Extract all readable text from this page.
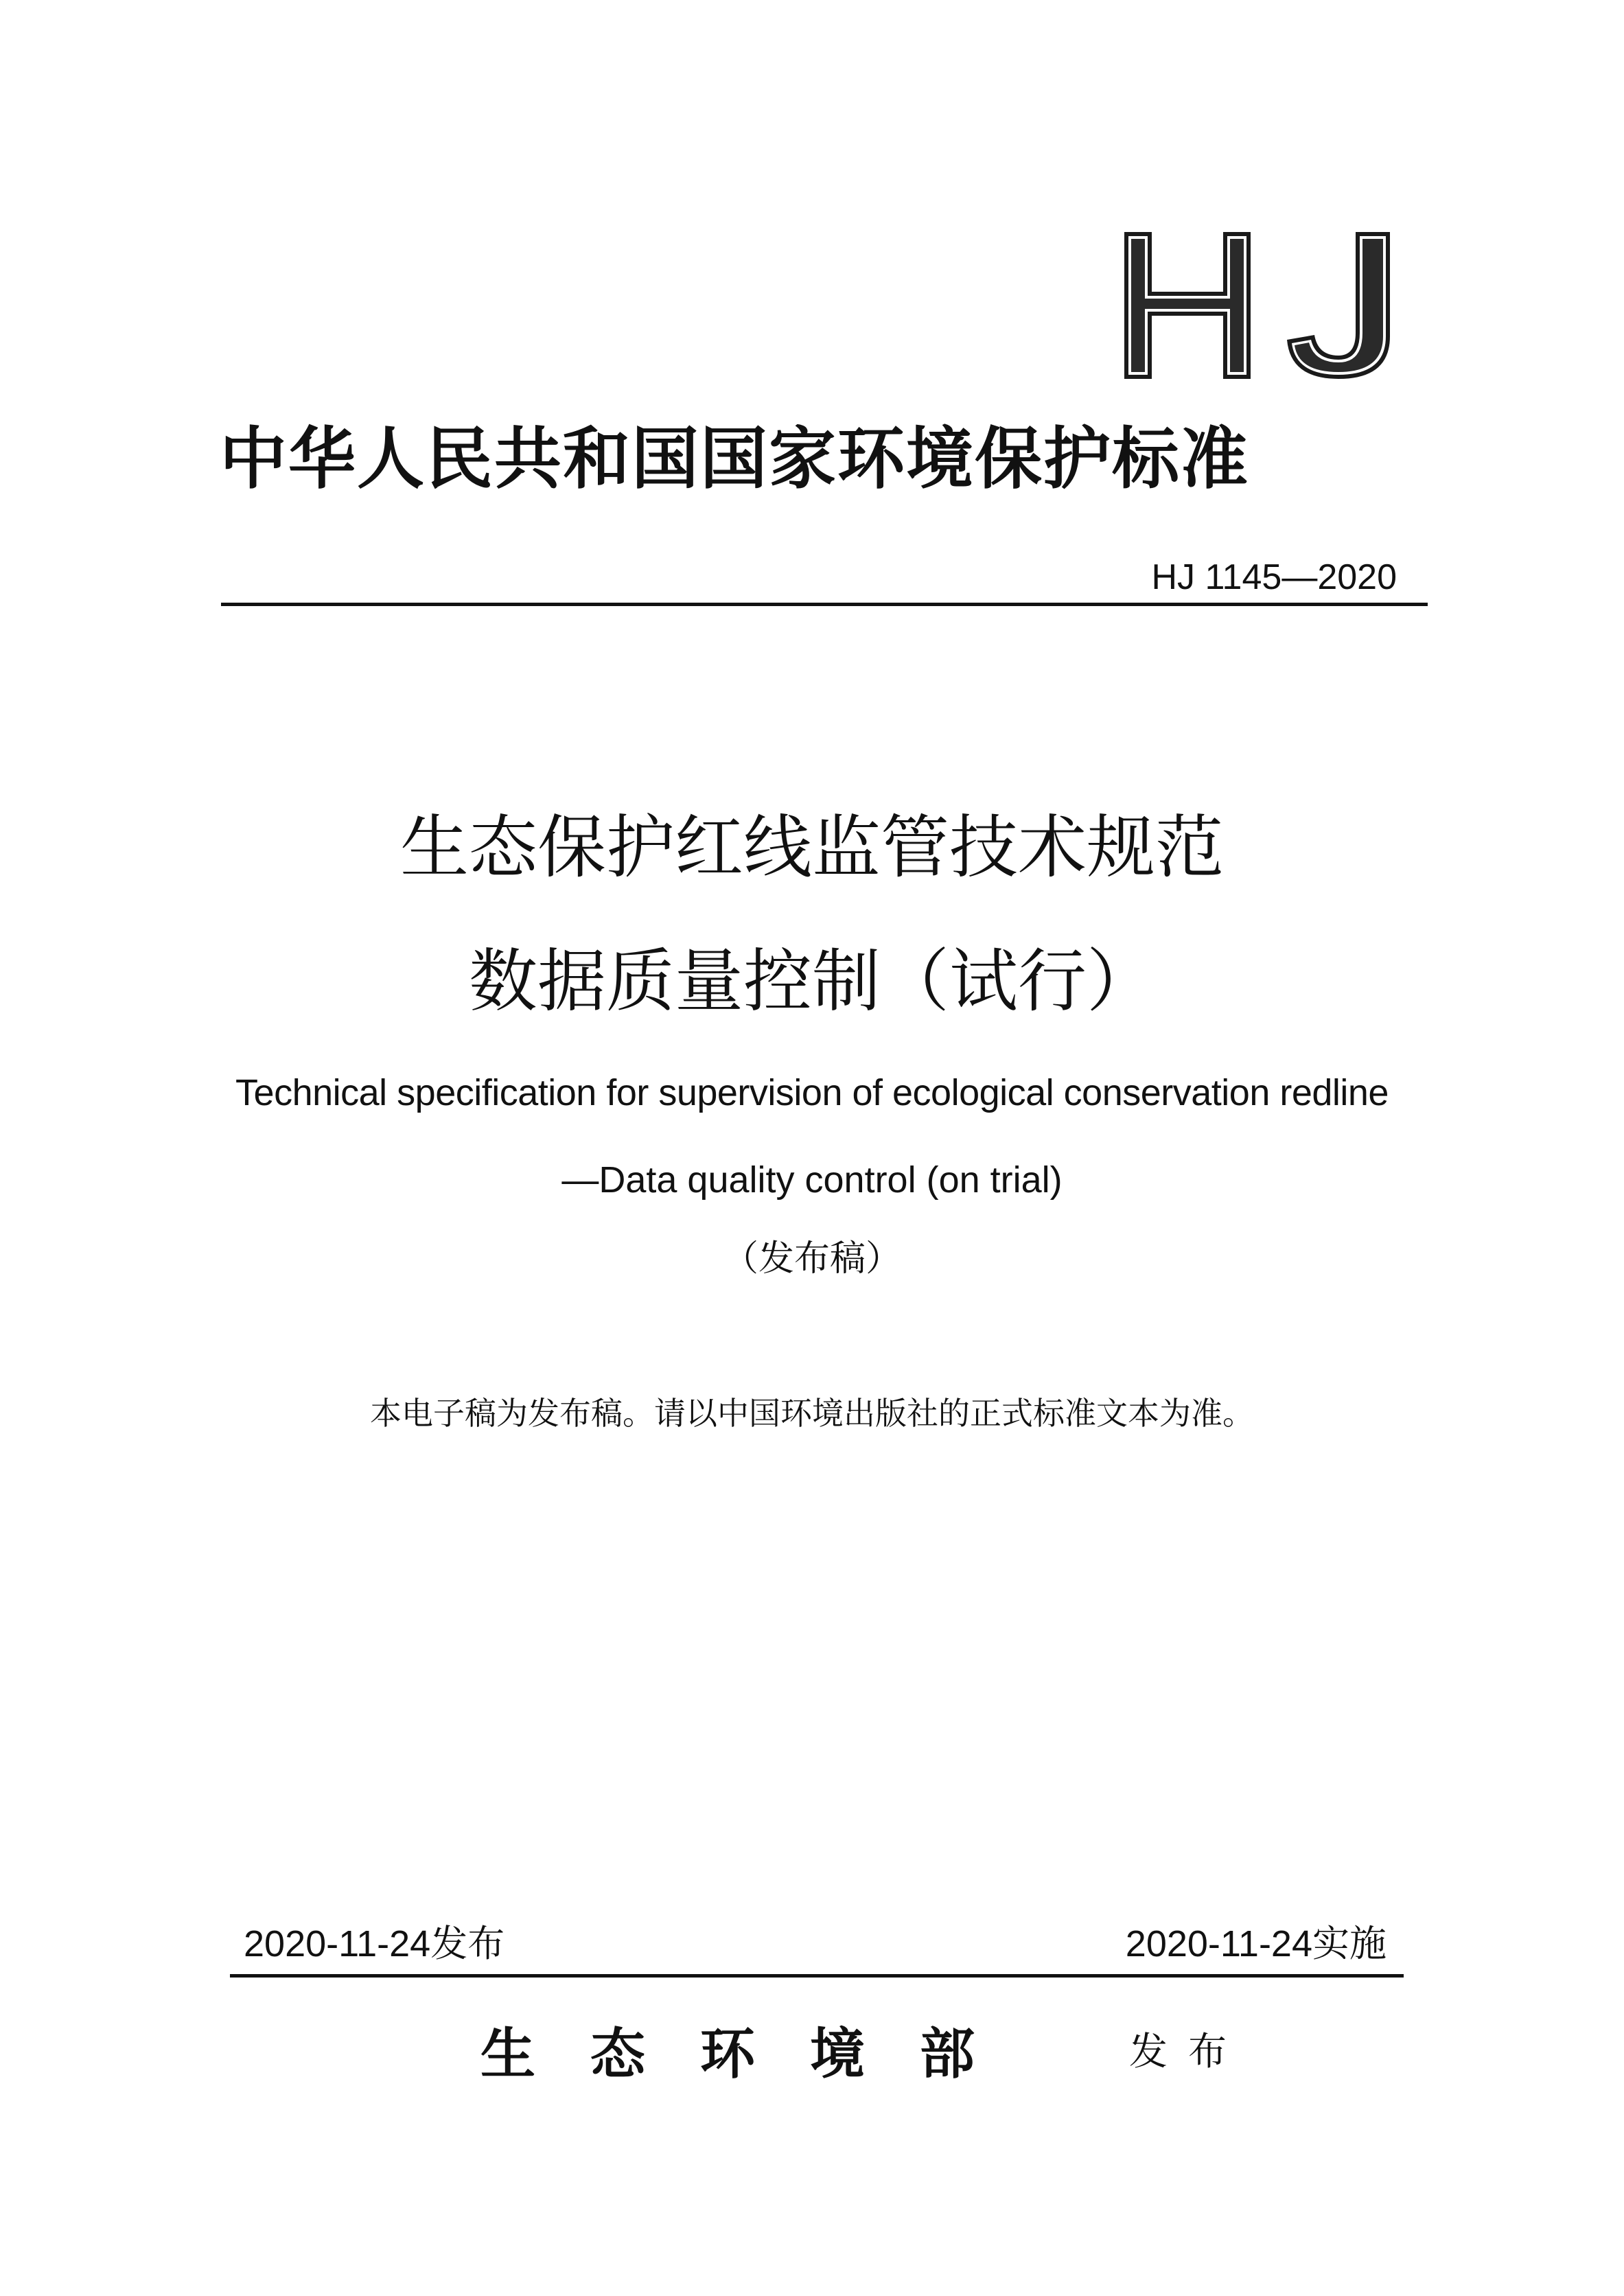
中华人民共和国国家环境保护标准
HJ 1145—2020
生态保护红线监管技术规范
数据质量控制（试行）
Technical specification for supervision of ecological conservation redline
—Data quality control (on trial)
（发布稿）
本电子稿为发布稿。请以中国环境出版社的正式标准文本为准。
2020-11-24发布	2020-11-24实施
生态环境部	发布
